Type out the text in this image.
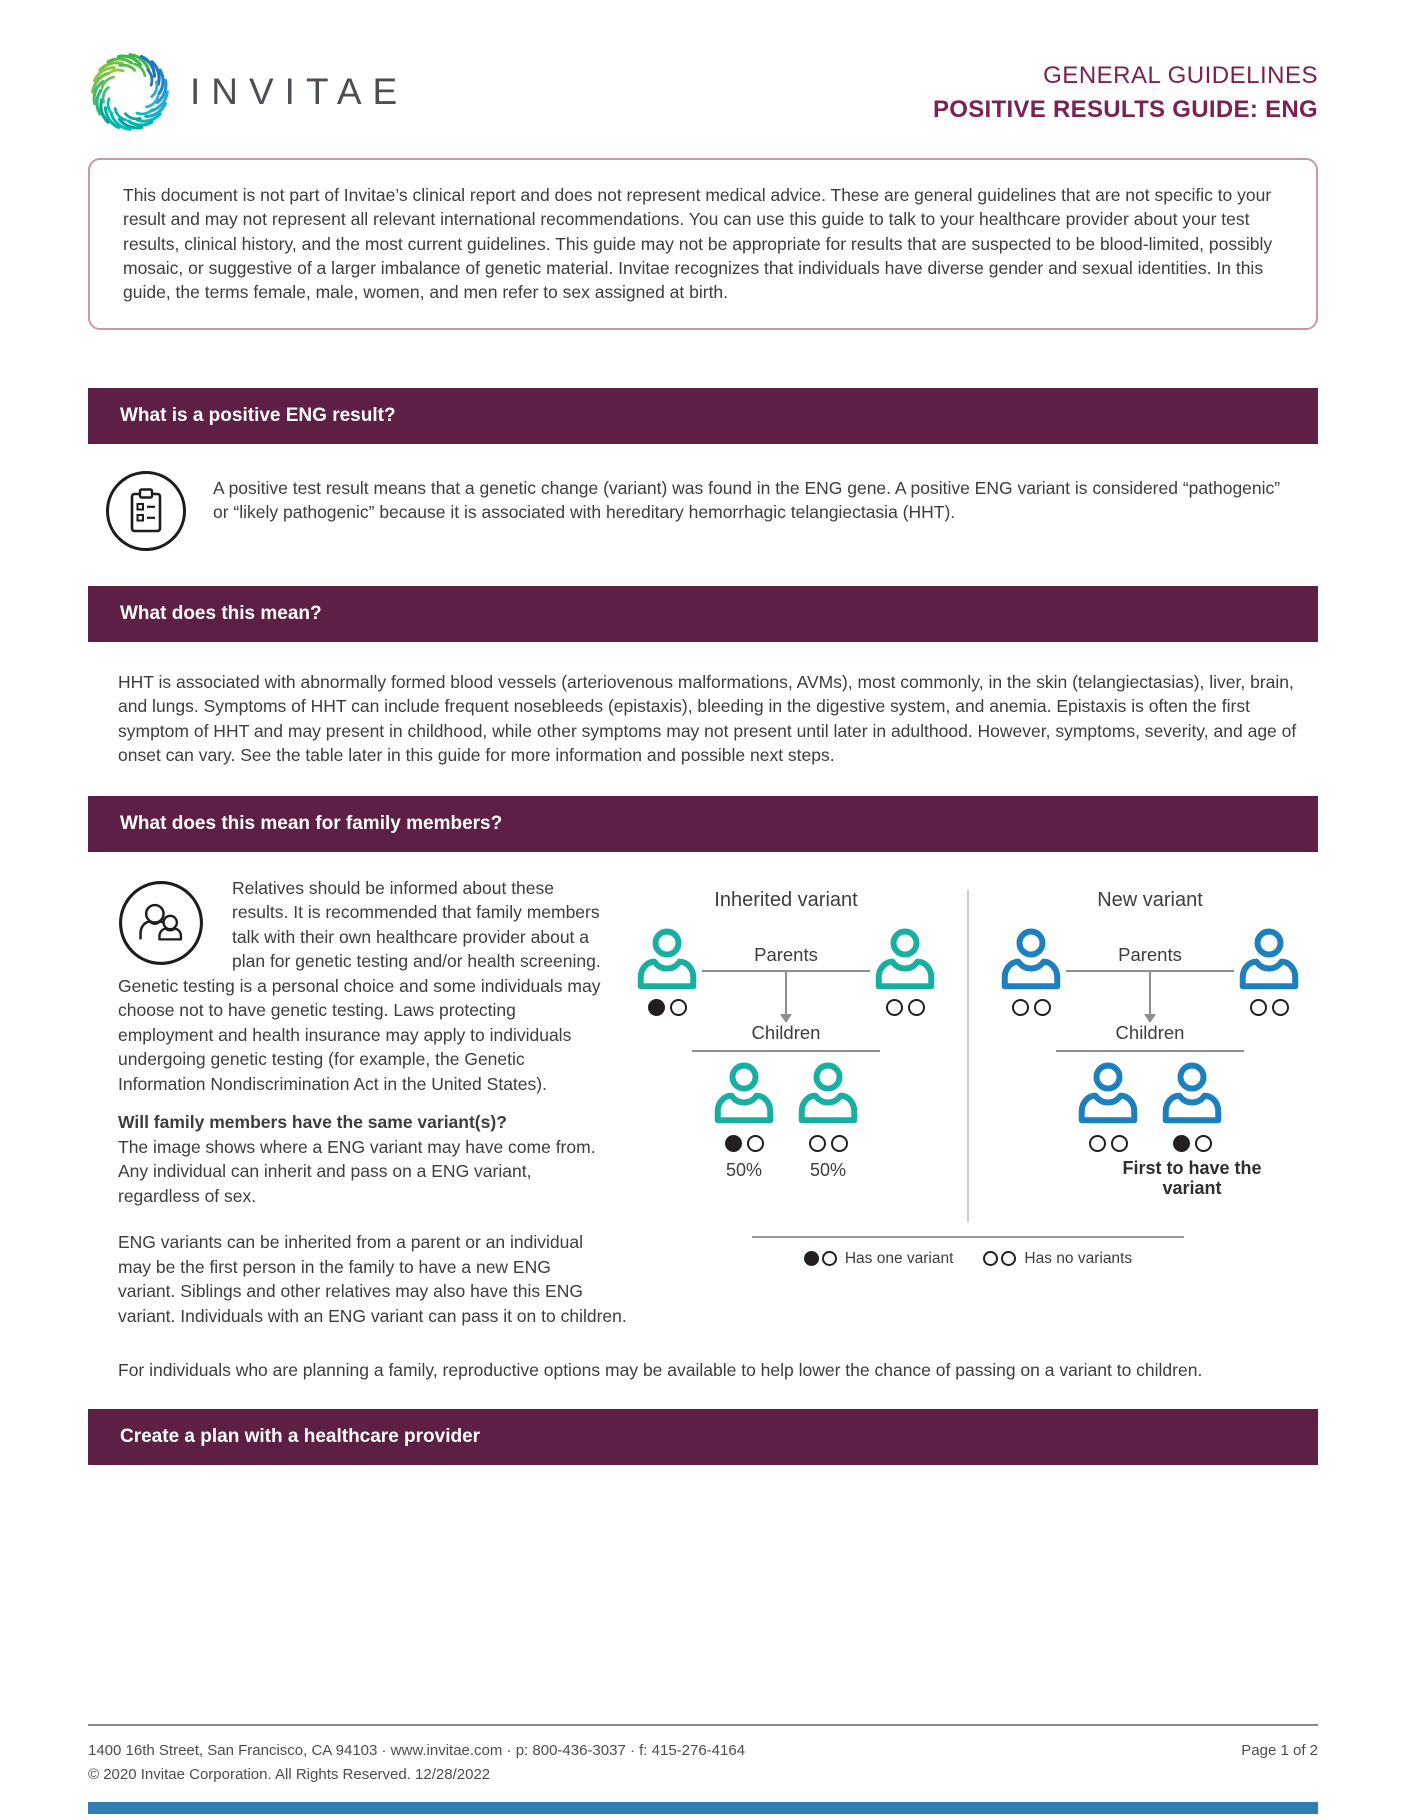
INVITAE	GENERAL GUIDELINES
POSITIVE RESULTS GUIDE: ENG
This document is not part of Invitae’s clinical report and does not represent medical advice. These are general guidelines that are not specific to your result and may not represent all relevant international recommendations. You can use this guide to talk to your healthcare provider about your test results, clinical history, and the most current guidelines. This guide may not be appropriate for results that are suspected to be blood-limited, possibly mosaic, or suggestive of a larger imbalance of genetic material. Invitae recognizes that individuals have diverse gender and sexual identities. In this guide, the terms female, male, women, and men refer to sex assigned at birth.
What is a positive ENG result?
A positive test result means that a genetic change (variant) was found in the ENG gene. A positive ENG variant is considered “pathogenic” or “likely pathogenic” because it is associated with hereditary hemorrhagic telangiectasia (HHT).
What does this mean?
HHT is associated with abnormally formed blood vessels (arteriovenous malformations, AVMs), most commonly, in the skin (telangiectasias), liver, brain, and lungs. Symptoms of HHT can include frequent nosebleeds (epistaxis), bleeding in the digestive system, and anemia. Epistaxis is often the first symptom of HHT and may present in childhood, while other symptoms may not present until later in adulthood. However, symptoms, severity, and age of onset can vary. See the table later in this guide for more information and possible next steps.
What does this mean for family members?
Inherited variant
Parents
Children
50%	50%
New variant
Parents
Children
First to have the variant
Has one variant	Has no variants

Relatives should be informed about these results. It is recommended that family members talk with their own healthcare provider about a plan for genetic testing and/or health screening. Genetic testing is a personal choice and some individuals may choose not to have genetic testing. Laws protecting employment and health insurance may apply to individuals undergoing genetic testing (for example, the Genetic Information Nondiscrimination Act in the United States).

Will family members have the same variant(s)?

The image shows where a ENG variant may have come from. Any individual can inherit and pass on a ENG variant, regardless of sex.

ENG variants can be inherited from a parent or an individual may be the first person in the family to have a new ENG variant. Siblings and other relatives may also have this ENG variant. Individuals with an ENG variant can pass it on to children.

For individuals who are planning a family, reproductive options may be available to help lower the chance of passing on a variant to children.

Create a plan with a healthcare provider
1400 16th Street, San Francisco, CA 94103 · www.invitae.com · p: 800-436-3037 · f: 415-276-4164	Page 1 of 2
© 2020 Invitae Corporation. All Rights Reserved. 12/28/2022
